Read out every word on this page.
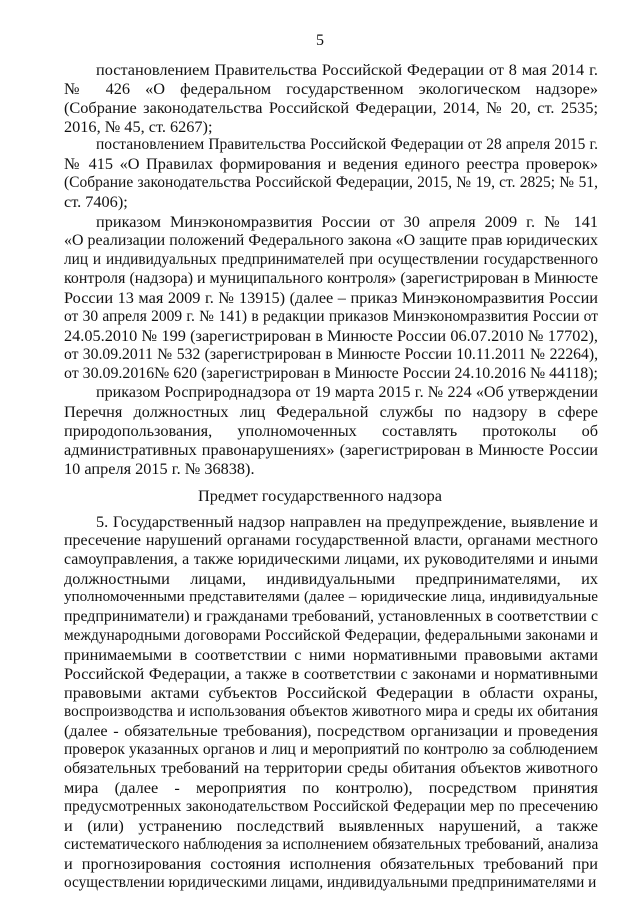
5
постановлением Правительства Российской Федерации от 8 мая 2014 г.
№ 426 «О федеральном государственном экологическом надзоре»
(Собрание законодательства Российской Федерации, 2014, № 20, ст. 2535;
2016, № 45, ст. 6267);
постановлением Правительства Российской Федерации от 28 апреля 2015 г.
№ 415 «О Правилах формирования и ведения единого реестра проверок»
(Собрание законодательства Российской Федерации, 2015, № 19, ст. 2825; № 51,
ст. 7406);
приказом Минэкономразвития России от 30 апреля 2009 г. № 141
«О реализации положений Федерального закона «О защите прав юридических
лиц и индивидуальных предпринимателей при осуществлении государственного
контроля (надзора) и муниципального контроля» (зарегистрирован в Минюсте
России 13 мая 2009 г. № 13915) (далее – приказ Минэкономразвития России
от 30 апреля 2009 г. № 141) в редакции приказов Минэкономразвития России от
24.05.2010 № 199 (зарегистрирован в Минюсте России 06.07.2010 № 17702),
от 30.09.2011 № 532 (зарегистрирован в Минюсте России 10.11.2011 № 22264),
от 30.09.2016№ 620 (зарегистрирован в Минюсте России 24.10.2016 № 44118);
приказом Росприроднадзора от 19 марта 2015 г. № 224 «Об утверждении
Перечня должностных лиц Федеральной службы по надзору в сфере
природопользования, уполномоченных составлять протоколы об
административных правонарушениях» (зарегистрирован в Минюсте России
10 апреля 2015 г. № 36838).
Предмет государственного надзора
5. Государственный надзор направлен на предупреждение, выявление и
пресечение нарушений органами государственной власти, органами местного
самоуправления, а также юридическими лицами, их руководителями и иными
должностными лицами, индивидуальными предпринимателями, их
уполномоченными представителями (далее – юридические лица, индивидуальные
предприниматели) и гражданами требований, установленных в соответствии с
международными договорами Российской Федерации, федеральными законами и
принимаемыми в соответствии с ними нормативными правовыми актами
Российской Федерации, а также в соответствии с законами и нормативными
правовыми актами субъектов Российской Федерации в области охраны,
воспроизводства и использования объектов животного мира и среды их обитания
(далее - обязательные требования), посредством организации и проведения
проверок указанных органов и лиц и мероприятий по контролю за соблюдением
обязательных требований на территории среды обитания объектов животного
мира (далее - мероприятия по контролю), посредством принятия
предусмотренных законодательством Российской Федерации мер по пресечению
и (или) устранению последствий выявленных нарушений, а также
систематического наблюдения за исполнением обязательных требований, анализа
и прогнозирования состояния исполнения обязательных требований при
осуществлении юридическими лицами, индивидуальными предпринимателями и
